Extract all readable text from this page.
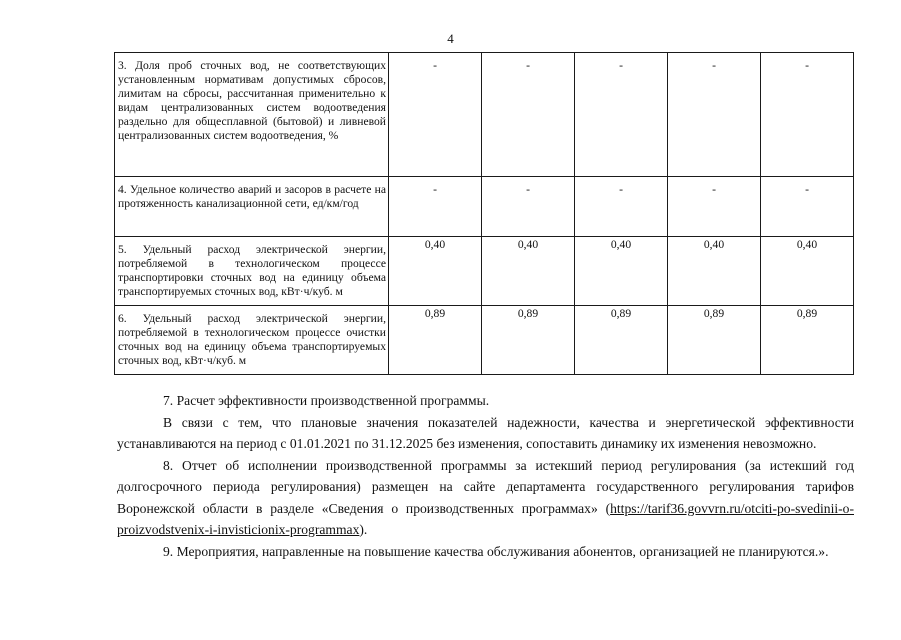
4
3. Доля проб сточных вод, не соответствующих установленным нормативам допустимых сбросов, лимитам на сбросы, рассчитанная применительно к видам централизованных систем водоотведения раздельно для общесплавной (бытовой) и ливневой централизованных систем водоотведения, %	-	-	-	-	-
4. Удельное количество аварий и засоров в расчете на протяженность канализационной сети, ед/км/год	-	-	-	-	-
5. Удельный расход электрической энергии, потребляемой в технологическом процессе транспортировки сточных вод на единицу объема транспортируемых сточных вод, кВт·ч/куб. м	0,40	0,40	0,40	0,40	0,40
6. Удельный расход электрической энергии, потребляемой в технологическом процессе очистки сточных вод на единицу объема транспортируемых сточных вод, кВт·ч/куб. м	0,89	0,89	0,89	0,89	0,89

7. Расчет эффективности производственной программы.

В связи с тем, что плановые значения показателей надежности, качества и энергетической эффективности устанавливаются на период с 01.01.2021 по 31.12.2025 без изменения, сопоставить динамику их изменения невозможно.

8. Отчет об исполнении производственной программы за истекший период регулирования (за истекший год долгосрочного периода регулирования) размещен на сайте департамента государственного регулирования тарифов Воронежской области в разделе «Сведения о производственных программах» (https://tarif36.govvrn.ru/otciti-po-svedinii-o-proizvodstvenix-i-invisticionix-programmax).

9. Мероприятия, направленные на повышение качества обслуживания абонентов, организацией не планируются.».
